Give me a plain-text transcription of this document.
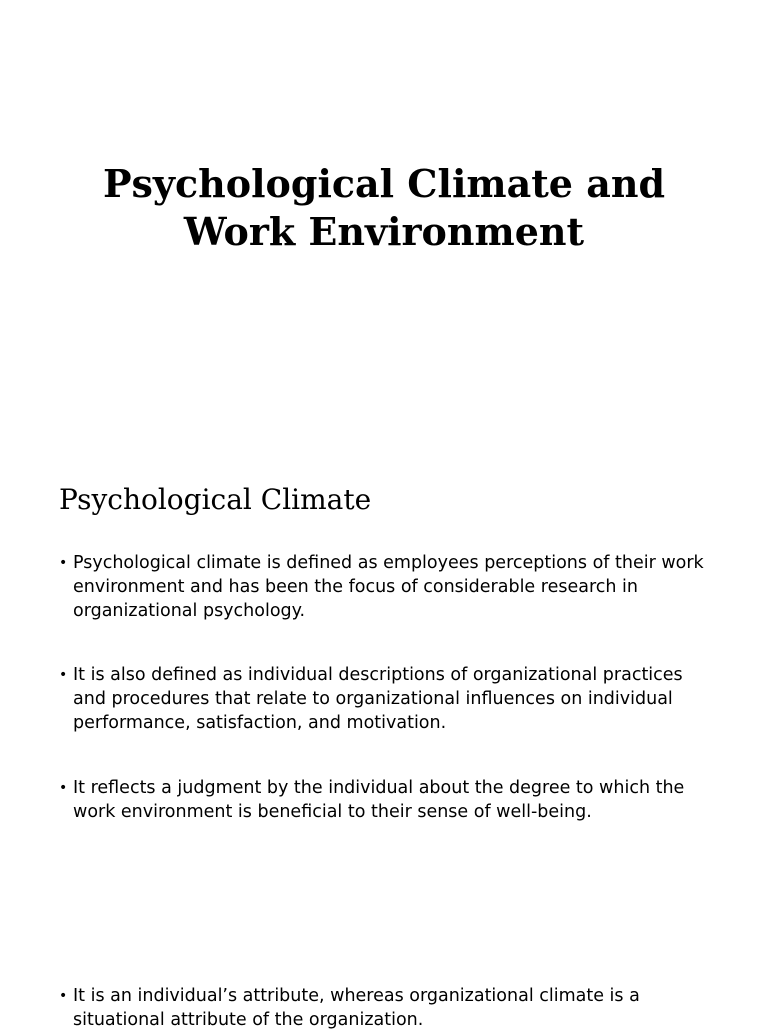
Psychological Climate and
Work Environment
Psychological Climate
• Psychological climate is defined as employees perceptions of their work environment and has been the focus of considerable research in organizational psychology.
• It is also defined as individual descriptions of organizational practices and procedures that relate to organizational influences on individual performance, satisfaction, and motivation.
• It reflects a judgment by the individual about the degree to which the work environment is beneficial to their sense of well-being.
• It is an individual’s attribute, whereas organizational climate is a situational attribute of the organization.
